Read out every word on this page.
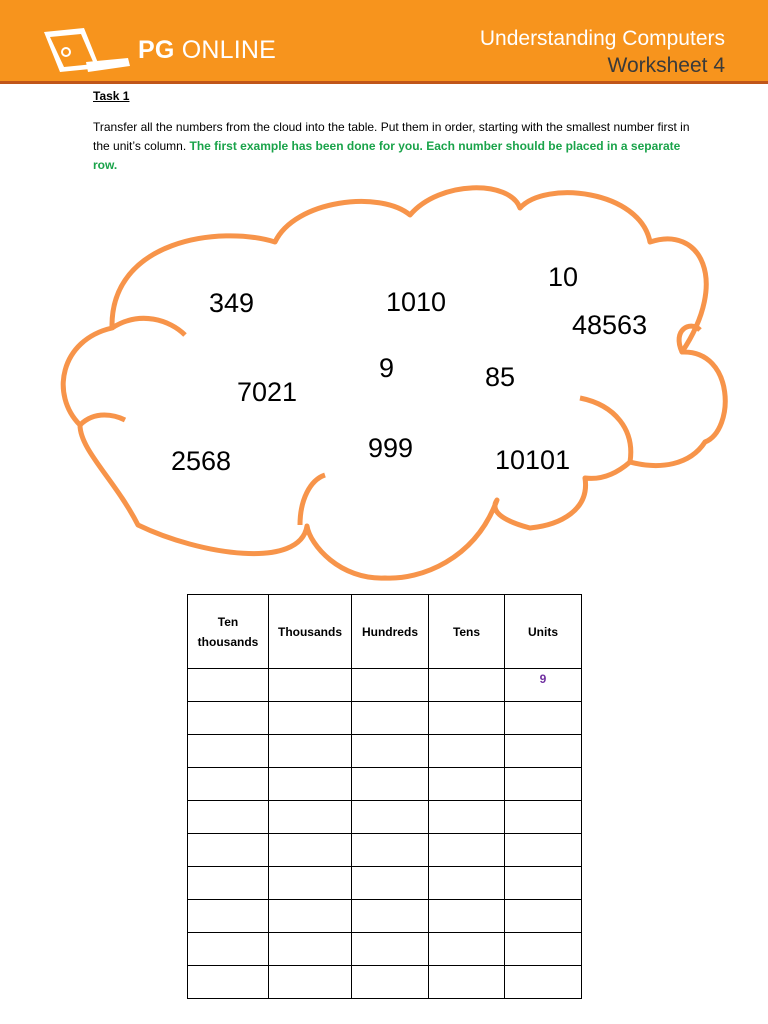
PG ONLINE	Understanding Computers
Worksheet 4
Task 1
Transfer all the numbers from the cloud into the table. Put them in order, starting with the smallest number first in the unit’s column. The first example has been done for you. Each number should be placed in a separate row.
349	1010
10
48563
9	85
7021
2568	999	10101
Ten thousands	Thousands	Hundreds	Tens	Units
				9
